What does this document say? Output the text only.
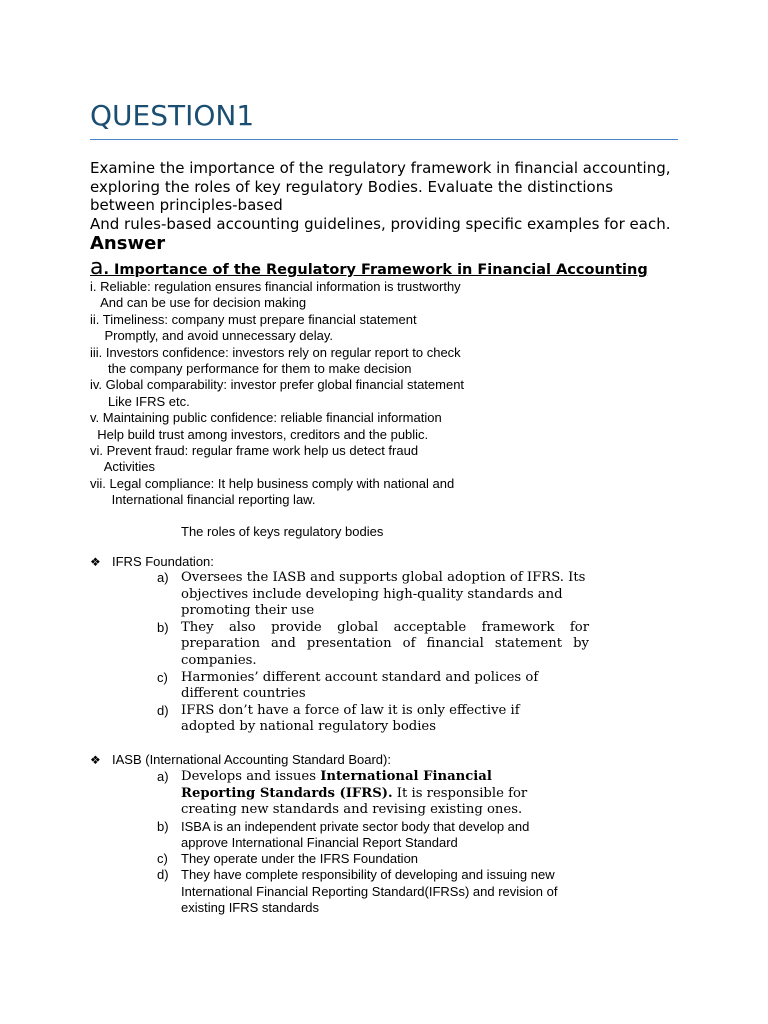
QUESTION1
Examine the importance of the regulatory framework in financial accounting,
exploring the roles of key regulatory Bodies. Evaluate the distinctions
between principles-based
And rules-based accounting guidelines, providing specific examples for each.
Answer
a. Importance of the Regulatory Framework in Financial Accounting
i. Reliable: regulation ensures financial information is trustworthy
And can be use for decision making
ii. Timeliness: company must prepare financial statement
Promptly, and avoid unnecessary delay.
iii. Investors confidence: investors rely on regular report to check
the company performance for them to make decision
iv. Global comparability: investor prefer global financial statement
Like IFRS etc.
v. Maintaining public confidence: reliable financial information
Help build trust among investors, creditors and the public.
vi. Prevent fraud: regular frame work help us detect fraud
Activities
vii. Legal compliance: It help business comply with national and
International financial reporting law.
The roles of keys regulatory bodies
❖ IFRS Foundation:
a) Oversees the IASB and supports global adoption of IFRS. Its objectives include developing high-quality standards and promoting their use
b) They also provide global acceptable framework for preparation and presentation of financial statement by companies.
c) Harmonies’ different account standard and polices of different countries
d) IFRS don’t have a force of law it is only effective if adopted by national regulatory bodies
❖ IASB (International Accounting Standard Board):
a) Develops and issues International Financial Reporting Standards (IFRS). It is responsible for creating new standards and revising existing ones.
b) ISBA is an independent private sector body that develop and approve International Financial Report Standard
c)	They operate under the IFRS Foundation
d) They have complete responsibility of developing and issuing new International Financial Reporting Standard(IFRSs) and revision of existing IFRS standards
